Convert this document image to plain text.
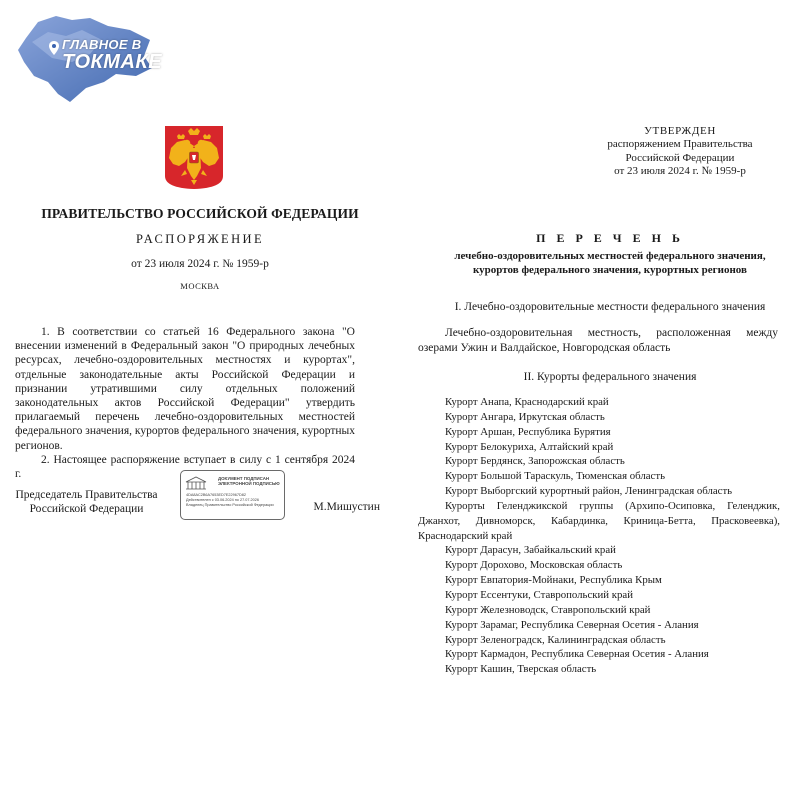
ГЛАВНОЕ В
ТОКМАКЕ
ПРАВИТЕЛЬСТВО РОССИЙСКОЙ ФЕДЕРАЦИИ
РАСПОРЯЖЕНИЕ
от 23 июля 2024 г. № 1959-р
МОСКВА

1. В соответствии со статьей 16 Федерального закона "О внесении изменений в Федеральный закон "О природных лечебных ресурсах, лечебно-оздоровительных местностях и курортах", отдельные законодательные акты Российской Федерации и признании утратившими силу отдельных положений законодательных актов Российской Федерации" утвердить прилагаемый перечень лечебно-оздоровительных местностей федерального значения, курортов федерального значения, курортных регионов.

2. Настоящее распоряжение вступает в силу с 1 сентября 2024 г.

Председатель Правительства
Российской Федерации	М.Мишустин
ДОКУМЕНТ ПОДПИСАН ЭЛЕКТРОННОЙ ПОДПИСЬЮ
4DA8AC2B6A7653ED7E22967D82
Действителен с 03.06.2024 по 27.07.2026
Владелец Правительство Российской Федерации
УТВЕРЖДЕН
распоряжением Правительства
Российской Федерации
от 23 июля 2024 г. № 1959-р
П Е Р Е Ч Е Н Ь
лечебно-оздоровительных местностей федерального значения,
курортов федерального значения, курортных регионов
I. Лечебно-оздоровительные местности федерального значения
Лечебно-оздоровительная местность, расположенная между озерами Ужин и Валдайское, Новгородская область
II. Курорты федерального значения
Курорт Анапа, Краснодарский край
Курорт Ангара, Иркутская область
Курорт Аршан, Республика Бурятия
Курорт Белокуриха, Алтайский край
Курорт Бердянск, Запорожская область
Курорт Большой Тараскуль, Тюменская область
Курорт Выборгский курортный район, Ленинградская область
Курорты Геленджикской группы (Архипо-Осиповка, Геленджик, Джанхот, Дивноморск, Кабардинка, Криница-Бетта, Прасковеевка), Краснодарский край
Курорт Дарасун, Забайкальский край
Курорт Дорохово, Московская область
Курорт Евпатория-Мойнаки, Республика Крым
Курорт Ессентуки, Ставропольский край
Курорт Железноводск, Ставропольский край
Курорт Зарамаг, Республика Северная Осетия - Алания
Курорт Зеленоградск, Калининградская область
Курорт Кармадон, Республика Северная Осетия - Алания
Курорт Кашин, Тверская область
